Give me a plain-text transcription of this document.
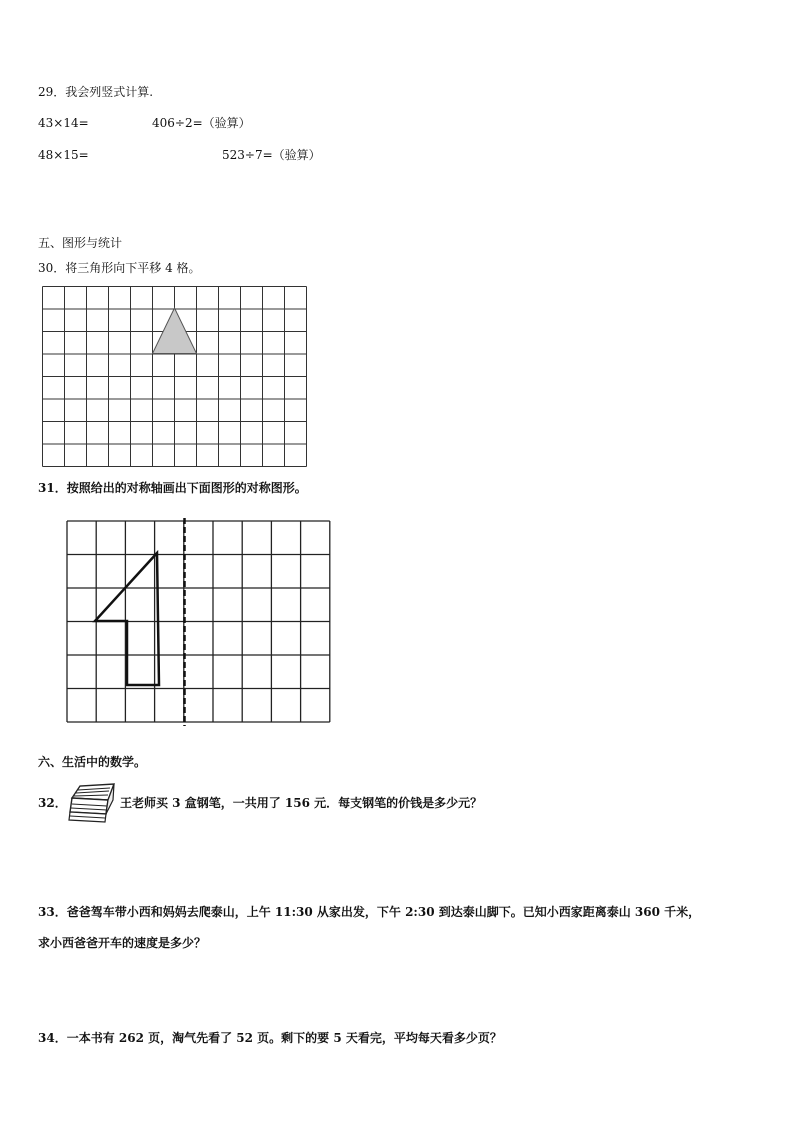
29．我会列竖式计算.
43×14=	406÷2=（验算）
48×15=	523÷7=（验算）
五、图形与统计
30．将三角形向下平移 4 格。
31．按照给出的对称轴画出下面图形的对称图形。
六、生活中的数学。
32．	王老师买 3 盒钢笔，一共用了 156 元．每支钢笔的价钱是多少元？
33．爸爸驾车带小西和妈妈去爬泰山，上午 11:30 从家出发，下午 2:30 到达泰山脚下。已知小西家距离泰山 360 千米，
求小西爸爸开车的速度是多少？
34．一本书有 262 页，淘气先看了 52 页。剩下的要 5 天看完，平均每天看多少页？
